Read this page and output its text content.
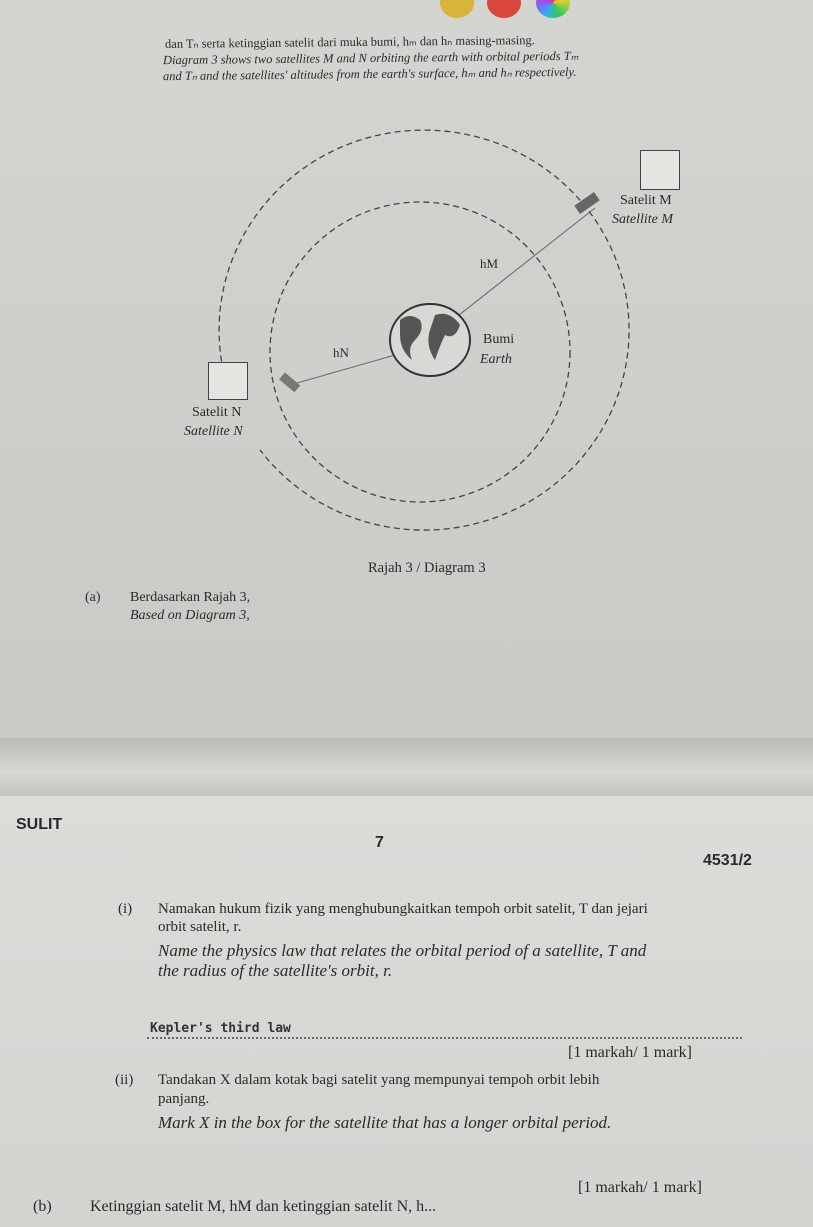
dan Tₙ serta ketinggian satelit dari muka bumi, hₘ dan hₙ masing-masing.
Diagram 3 shows two satellites M and N orbiting the earth with orbital periods Tₘ
and Tₙ and the satellites' altitudes from the earth's surface, hₘ and hₙ respectively.
Satelit M
Satellite M
Satelit N
Satellite N
Bumi
Earth
hM
hN
Rajah 3 / Diagram 3
(a) Berdasarkan Rajah 3,
Based on Diagram 3,
SULIT
7
4531/2
(i) Namakan hukum fizik yang menghubungkaitkan tempoh orbit satelit, T dan jejari
orbit satelit, r.
Name the physics law that relates the orbital period of a satellite, T and
the radius of the satellite's orbit, r.
Kepler's third law
[1 markah/ 1 mark]
(ii) Tandakan X dalam kotak bagi satelit yang mempunyai tempoh orbit lebih
panjang.
Mark X in the box for the satellite that has a longer orbital period.
[1 markah/ 1 mark]
(b) Ketinggian satelit M, hM dan ketinggian satelit N, h...
